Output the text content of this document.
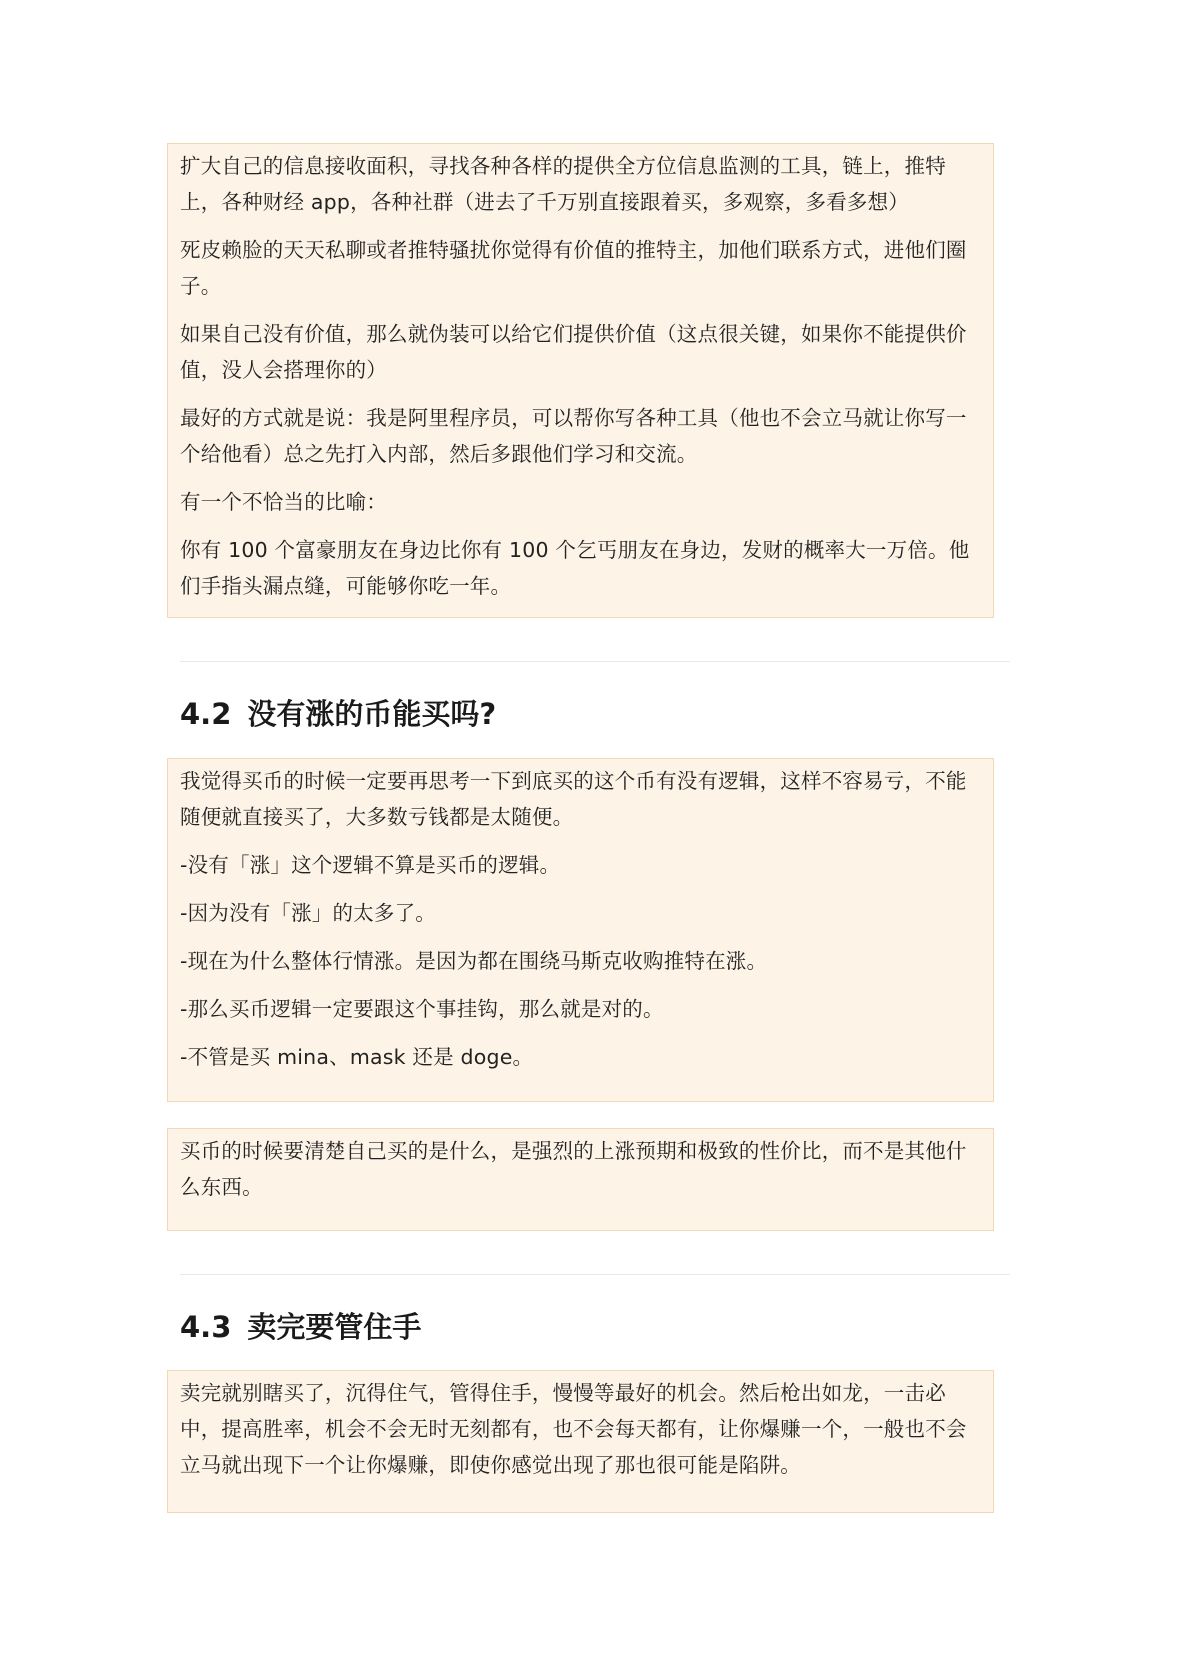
扩大自己的信息接收面积，寻找各种各样的提供全方位信息监测的工具，链上，推特上，各种财经 app，各种社群（进去了千万别直接跟着买，多观察，多看多想）

死皮赖脸的天天私聊或者推特骚扰你觉得有价值的推特主，加他们联系方式，进他们圈子。

如果自己没有价值，那么就伪装可以给它们提供价值（这点很关键，如果你不能提供价值，没人会搭理你的）

最好的方式就是说：我是阿里程序员，可以帮你写各种工具（他也不会立马就让你写一个给他看）总之先打入内部，然后多跟他们学习和交流。

有一个不恰当的比喻：

你有 100 个富豪朋友在身边比你有 100 个乞丐朋友在身边，发财的概率大一万倍。他们手指头漏点缝，可能够你吃一年。

4.2 没有涨的币能买吗?

我觉得买币的时候一定要再思考一下到底买的这个币有没有逻辑，这样不容易亏，不能随便就直接买了，大多数亏钱都是太随便。

-没有「涨」这个逻辑不算是买币的逻辑。

-因为没有「涨」的太多了。

-现在为什么整体行情涨。是因为都在围绕马斯克收购推特在涨。

-那么买币逻辑一定要跟这个事挂钩，那么就是对的。

-不管是买 mina、mask 还是 doge。

买币的时候要清楚自己买的是什么，是强烈的上涨预期和极致的性价比，而不是其他什么东西。

4.3 卖完要管住手

卖完就别瞎买了，沉得住气，管得住手，慢慢等最好的机会。然后枪出如龙，一击必中，提高胜率，机会不会无时无刻都有，也不会每天都有，让你爆赚一个，一般也不会立马就出现下一个让你爆赚，即使你感觉出现了那也很可能是陷阱。
